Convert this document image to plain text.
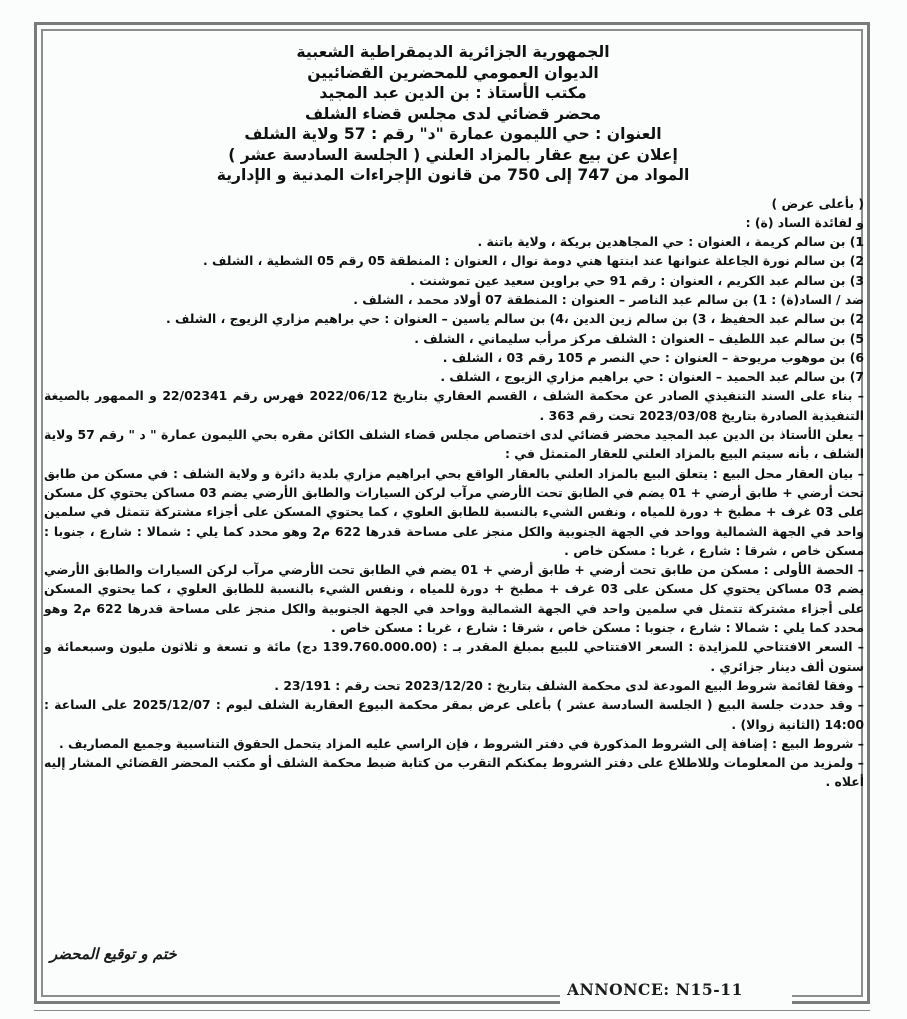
الجمهورية الجزائرية الديمقراطية الشعبية

الديوان العمومي للمحضرين القضائيين

مكتب الأستاذ : بن الدين عبد المجيد

محضر قضائي لدى مجلس قضاء الشلف

العنوان : حي الليمون عمارة "د" رقم : 57 ولاية الشلف

إعلان عن بيع عقار بالمزاد العلني ( الجلسة السادسة عشر )

المواد من 747 إلى 750 من قانون الإجراءات المدنية و الإدارية

( بأعلى عرض )

و لفائدة الساد (ة) :

1) بن سالم كريمة ، العنوان : حي المجاهدين بريكة ، ولاية باتنة .

2) بن سالم نورة الجاعلة عنوانها عند ابنتها هني دومة نوال ، العنوان : المنطقة 05 رقم 05 الشطية ، الشلف .

3) بن سالم عبد الكريم ، العنوان : رقم 91 حي براوين سعيد عين تموشنت .

ضد / الساد(ة) : 1) بن سالم عبد الناصر – العنوان : المنطقة 07 أولاد محمد ، الشلف .

2) بن سالم عبد الحفيظ ، 3) بن سالم زين الدين ،4) بن سالم ياسين – العنوان : حي براهيم مزاري الزيوج ، الشلف .

5) بن سالم عبد اللطيف – العنوان : الشلف مركز مرأب سليماني ، الشلف .

6) بن موهوب مريوحة – العنوان : حي النصر م 105 رقم 03 ، الشلف .

7) بن سالم عبد الحميد – العنوان : حي براهيم مزاري الزيوج ، الشلف .

– بناء على السند التنفيذي الصادر عن محكمة الشلف ، القسم العقاري بتاريخ 2022/06/12 فهرس رقم 22/02341 و الممهور بالصيغة التنفيذية الصادرة بتاريخ 2023/03/08 تحت رقم 363 .

– يعلن الأستاذ بن الدين عبد المجيد محضر قضائي لدى اختصاص مجلس قضاء الشلف الكائن مقره بحي الليمون عمارة " د " رقم 57 ولاية الشلف ، بأنه سيتم البيع بالمزاد العلني للعقار المتمثل في :

– بيان العقار محل البيع : يتعلق البيع بالمزاد العلني بالعقار الواقع بحي ابراهيم مزاري بلدية دائرة و ولاية الشلف : في مسكن من طابق تحت أرضي + طابق أرضي + 01 يضم في الطابق تحت الأرضي مرآب لركن السيارات والطابق الأرضي يضم 03 مساكن يحتوي كل مسكن على 03 غرف + مطبخ + دورة للمياه ، ونفس الشيء بالنسبة للطابق العلوي ، كما يحتوي المسكن على أجزاء مشتركة تتمثل في سلمين واحد في الجهة الشمالية وواحد في الجهة الجنوبية والكل منجز على مساحة قدرها 622 م2 وهو محدد كما يلي : شمالا : شارع ، جنوبا : مسكن خاص ، شرقا : شارع ، غربا : مسكن خاص .

– الحصة الأولى : مسكن من طابق تحت أرضي + طابق أرضي + 01 يضم في الطابق تحت الأرضي مرآب لركن السيارات والطابق الأرضي يضم 03 مساكن يحتوي كل مسكن على 03 غرف + مطبخ + دورة للمياه ، ونفس الشيء بالنسبة للطابق العلوي ، كما يحتوي المسكن على أجزاء مشتركة تتمثل في سلمين واحد في الجهة الشمالية وواحد في الجهة الجنوبية والكل منجز على مساحة قدرها 622 م2 وهو محدد كما يلي : شمالا : شارع ، جنوبا : مسكن خاص ، شرقا : شارع ، غربا : مسكن خاص .

– السعر الافتتاحي للمزايدة : السعر الافتتاحي للبيع بمبلغ المقدر بـ : (139.760.000.00 دج) مائة و تسعة و ثلاثون مليون وسبعمائة و ستون ألف دينار جزائري .

– وفقا لقائمة شروط البيع المودعة لدى محكمة الشلف بتاريخ : 2023/12/20 تحت رقم : 23/191 .

– وقد حددت جلسة البيع ( الجلسة السادسة عشر ) بأعلى عرض بمقر محكمة البيوع العقارية الشلف ليوم : 2025/12/07 على الساعة : 14:00 (الثانية زوالا) .

– شروط البيع : إضافة إلى الشروط المذكورة في دفتر الشروط ، فإن الراسي عليه المزاد يتحمل الحقوق التناسبية وجميع المصاريف .

– ولمزيد من المعلومات وللاطلاع على دفتر الشروط يمكنكم التقرب من كتابة ضبط محكمة الشلف أو مكتب المحضر القضائي المشار إليه أعلاه .

ختم و توقيع المحضر
ANNONCE: N15-11
